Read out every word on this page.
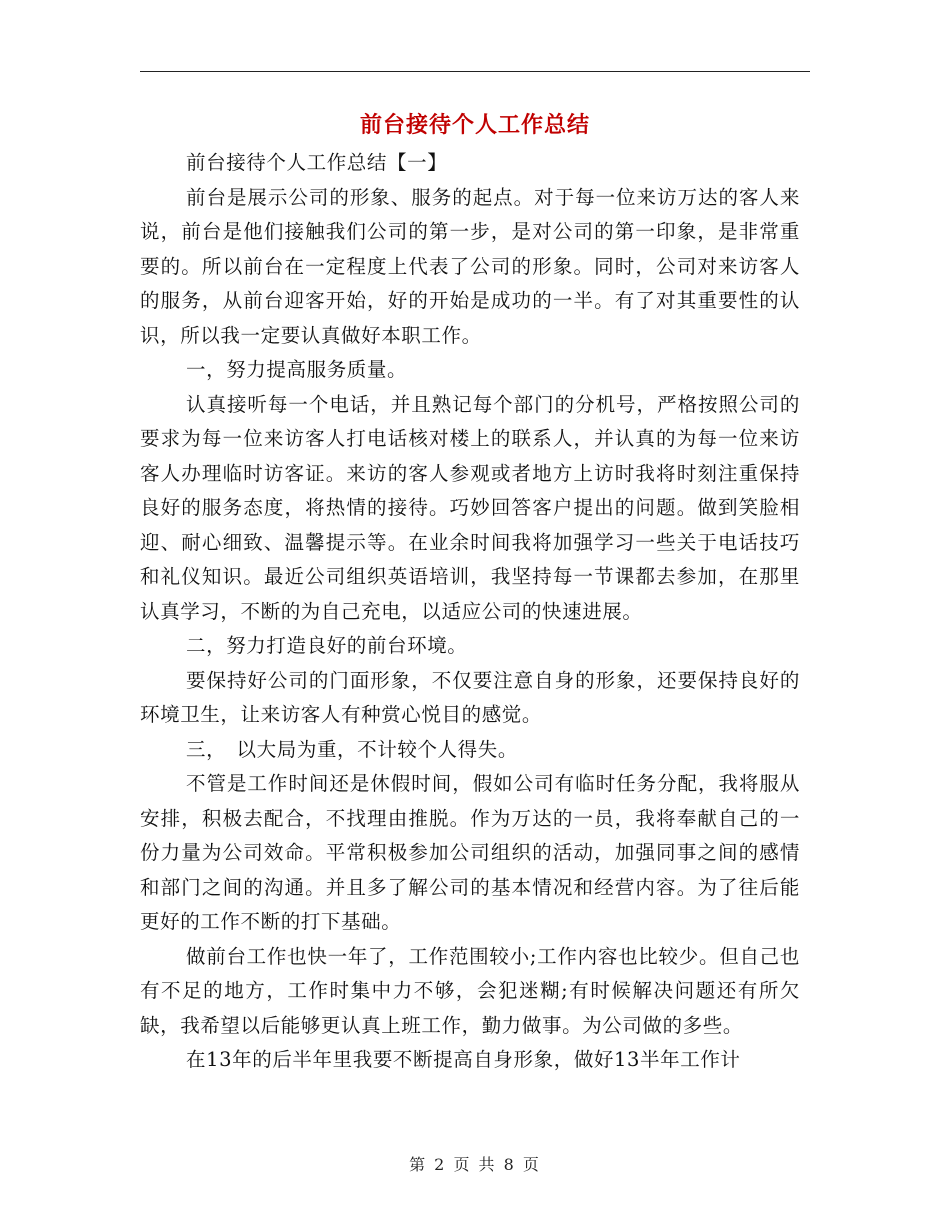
前台接待个人工作总结

前台接待个人工作总结【一】

前台是展示公司的形象、服务的起点。对于每一位来访万达的客人来说，前台是他们接触我们公司的第一步，是对公司的第一印象，是非常重要的。所以前台在一定程度上代表了公司的形象。同时，公司对来访客人的服务，从前台迎客开始，好的开始是成功的一半。有了对其重要性的认识，所以我一定要认真做好本职工作。

一，努力提高服务质量。

认真接听每一个电话，并且熟记每个部门的分机号，严格按照公司的要求为每一位来访客人打电话核对楼上的联系人，并认真的为每一位来访客人办理临时访客证。来访的客人参观或者地方上访时我将时刻注重保持良好的服务态度，将热情的接待。巧妙回答客户提出的问题。做到笑脸相迎、耐心细致、温馨提示等。在业余时间我将加强学习一些关于电话技巧和礼仪知识。最近公司组织英语培训，我坚持每一节课都去参加，在那里认真学习，不断的为自己充电，以适应公司的快速进展。

二，努力打造良好的前台环境。

要保持好公司的门面形象，不仅要注意自身的形象，还要保持良好的环境卫生，让来访客人有种赏心悦目的感觉。

三，　以大局为重，不计较个人得失。

不管是工作时间还是休假时间，假如公司有临时任务分配，我将服从安排，积极去配合，不找理由推脱。作为万达的一员，我将奉献自己的一份力量为公司效命。平常积极参加公司组织的活动，加强同事之间的感情和部门之间的沟通。并且多了解公司的基本情况和经营内容。为了往后能更好的工作不断的打下基础。

做前台工作也快一年了，工作范围较小;工作内容也比较少。但自己也有不足的地方，工作时集中力不够，会犯迷糊;有时候解决问题还有所欠缺，我希望以后能够更认真上班工作，勤力做事。为公司做的多些。

在13年的后半年里我要不断提高自身形象，做好13半年工作计

第 2 页 共 8 页
